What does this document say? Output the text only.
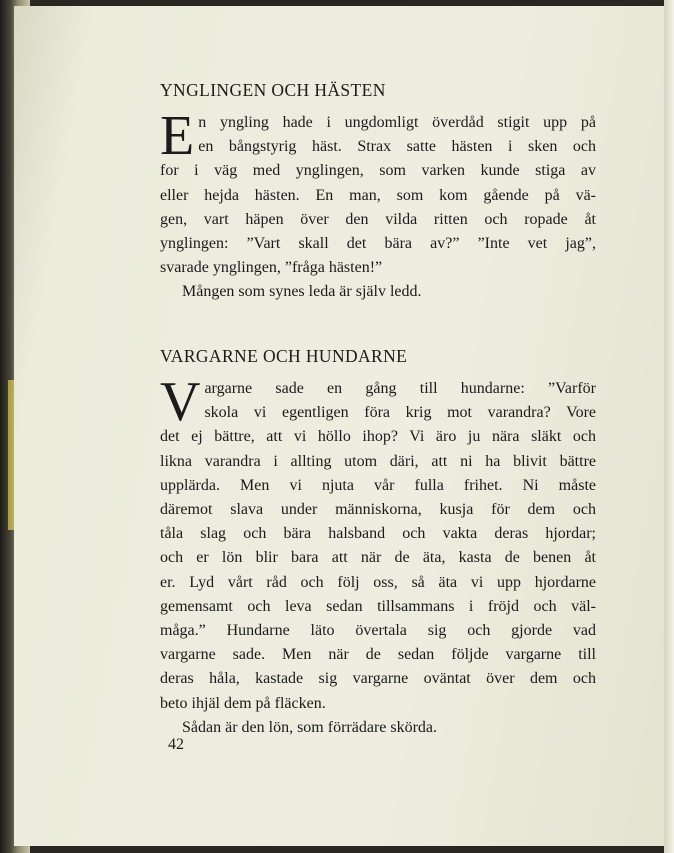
YNGLINGEN OCH HÄSTEN
E n yngling hade i ungdomligt överdåd stigit upp på
en bångstyrig häst. Strax satte hästen i sken och
for i väg med ynglingen, som varken kunde stiga av
eller hejda hästen. En man, som kom gående på vä-
gen, vart häpen över den vilda ritten och ropade åt
ynglingen: ”Vart skall det bära av?” ”Inte vet jag”,
svarade ynglingen, ”fråga hästen!”

Mången som synes leda är själv ledd.

VARGARNE OCH HUNDARNE
V argarne sade en gång till hundarne: ”Varför
skola vi egentligen föra krig mot varandra? Vore
det ej bättre, att vi höllo ihop? Vi äro ju nära släkt och
likna varandra i allting utom däri, att ni ha blivit bättre
upplärda. Men vi njuta vår fulla frihet. Ni måste
däremot slava under människorna, kusja för dem och
tåla slag och bära halsband och vakta deras hjordar;
och er lön blir bara att när de äta, kasta de benen åt
er. Lyd vårt råd och följ oss, så äta vi upp hjordarne
gemensamt och leva sedan tillsammans i fröjd och väl-
måga.” Hundarne läto övertala sig och gjorde vad
vargarne sade. Men när de sedan följde vargarne till
deras håla, kastade sig vargarne oväntat över dem och
beto ihjäl dem på fläcken.

Sådan är den lön, som förrädare skörda.

42
